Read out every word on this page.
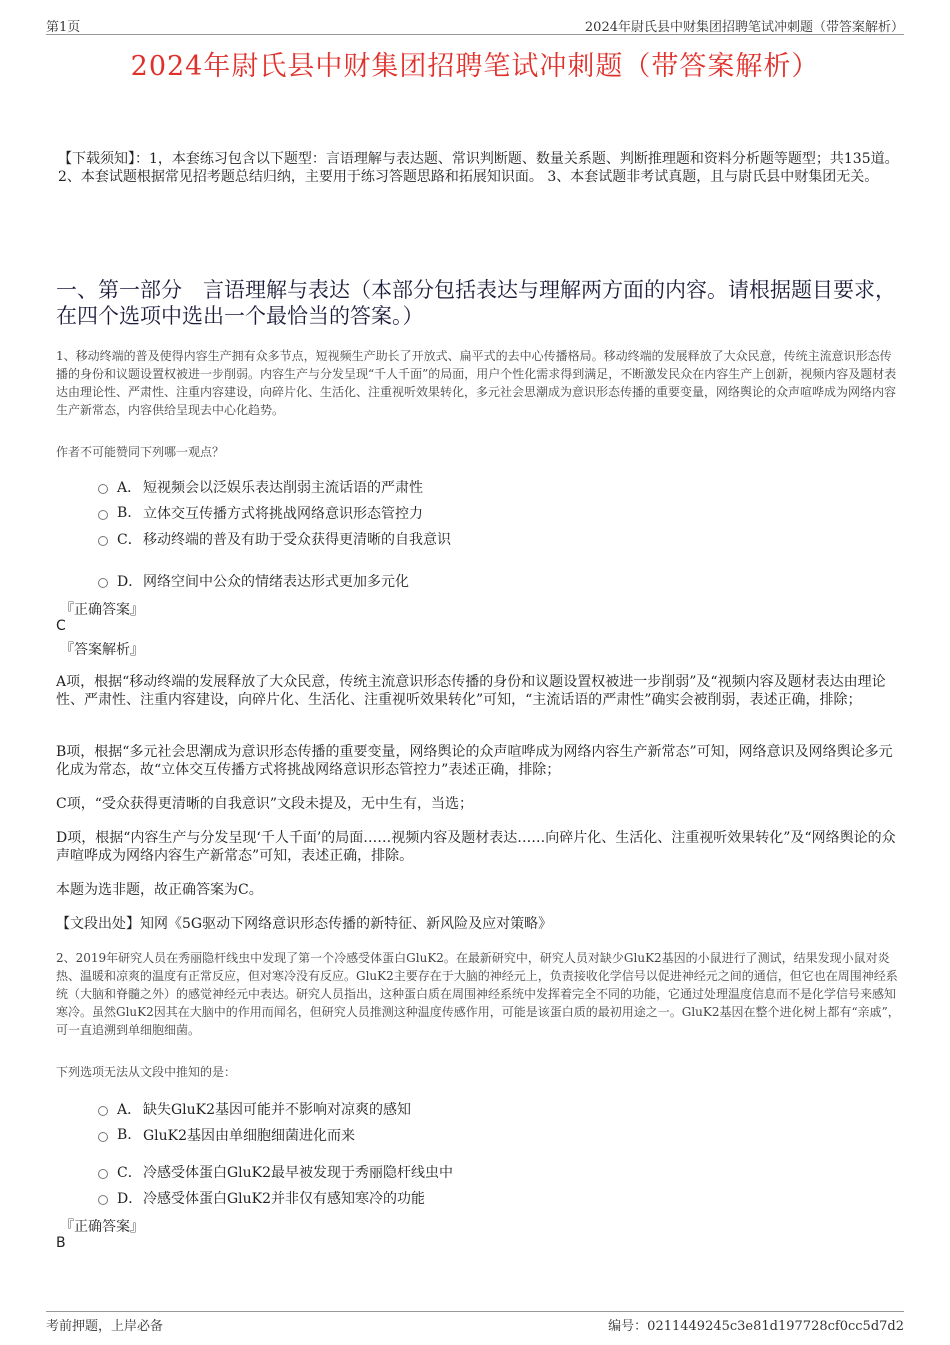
第1页	2024年尉氏县中财集团招聘笔试冲刺题（带答案解析）
2024年尉氏县中财集团招聘笔试冲刺题（带答案解析）
【下载须知】：1，本套练习包含以下题型：言语理解与表达题、常识判断题、数量关系题、判断推理题和资料分析题等题型；共135道。 2、本套试题根据常见招考题总结归纳，主要用于练习答题思路和拓展知识面。 3、本套试题非考试真题，且与尉氏县中财集团无关。
一、第一部分　言语理解与表达（本部分包括表达与理解两方面的内容。请根据题目要求，在四个选项中选出一个最恰当的答案。）
1、移动终端的普及使得内容生产拥有众多节点，短视频生产助长了开放式、扁平式的去中心传播格局。移动终端的发展释放了大众民意，传统主流意识形态传播的身份和议题设置权被进一步削弱。内容生产与分发呈现“千人千面”的局面，用户个性化需求得到满足，不断激发民众在内容生产上创新，视频内容及题材表达由理论性、严肃性、注重内容建设，向碎片化、生活化、注重视听效果转化，多元社会思潮成为意识形态传播的重要变量，网络舆论的众声喧哗成为网络内容生产新常态，内容供给呈现去中心化趋势。
作者不可能赞同下列哪一观点？
A． 短视频会以泛娱乐表达削弱主流话语的严肃性
B. 立体交互传播方式将挑战网络意识形态管控力
C． 移动终端的普及有助于受众获得更清晰的自我意识
D． 网络空间中公众的情绪表达形式更加多元化
『正确答案』
C
『答案解析』
A项，根据“移动终端的发展释放了大众民意，传统主流意识形态传播的身份和议题设置权被进一步削弱”及“视频内容及题材表达由理论性、严肃性、注重内容建设，向碎片化、生活化、注重视听效果转化”可知，“主流话语的严肃性”确实会被削弱，表述正确，排除；
B项，根据“多元社会思潮成为意识形态传播的重要变量，网络舆论的众声喧哗成为网络内容生产新常态”可知，网络意识及网络舆论多元化成为常态，故“立体交互传播方式将挑战网络意识形态管控力”表述正确，排除；
C项，“受众获得更清晰的自我意识”文段未提及，无中生有，当选；
D项，根据“内容生产与分发呈现‘千人千面’的局面……视频内容及题材表达……向碎片化、生活化、注重视听效果转化”及“网络舆论的众声喧哗成为网络内容生产新常态”可知，表述正确，排除。
本题为选非题，故正确答案为C。
【文段出处】知网《5G驱动下网络意识形态传播的新特征、新风险及应对策略》
2、2019年研究人员在秀丽隐杆线虫中发现了第一个冷感受体蛋白GluK2。在最新研究中，研究人员对缺少GluK2基因的小鼠进行了测试，结果发现小鼠对炎热、温暖和凉爽的温度有正常反应，但对寒冷没有反应。GluK2主要存在于大脑的神经元上，负责接收化学信号以促进神经元之间的通信，但它也在周围神经系统（大脑和脊髓之外）的感觉神经元中表达。研究人员指出，这种蛋白质在周围神经系统中发挥着完全不同的功能，它通过处理温度信息而不是化学信号来感知寒冷。虽然GluK2因其在大脑中的作用而闻名，但研究人员推测这种温度传感作用，可能是该蛋白质的最初用途之一。GluK2基因在整个进化树上都有“亲戚”，可一直追溯到单细胞细菌。
下列选项无法从文段中推知的是：
A． 缺失GluK2基因可能并不影响对凉爽的感知
B. GluK2基因由单细胞细菌进化而来
C． 冷感受体蛋白GluK2最早被发现于秀丽隐杆线虫中
D． 冷感受体蛋白GluK2并非仅有感知寒冷的功能
『正确答案』
B
考前押题，上岸必备	编号：0211449245c3e81d197728cf0cc5d7d2
